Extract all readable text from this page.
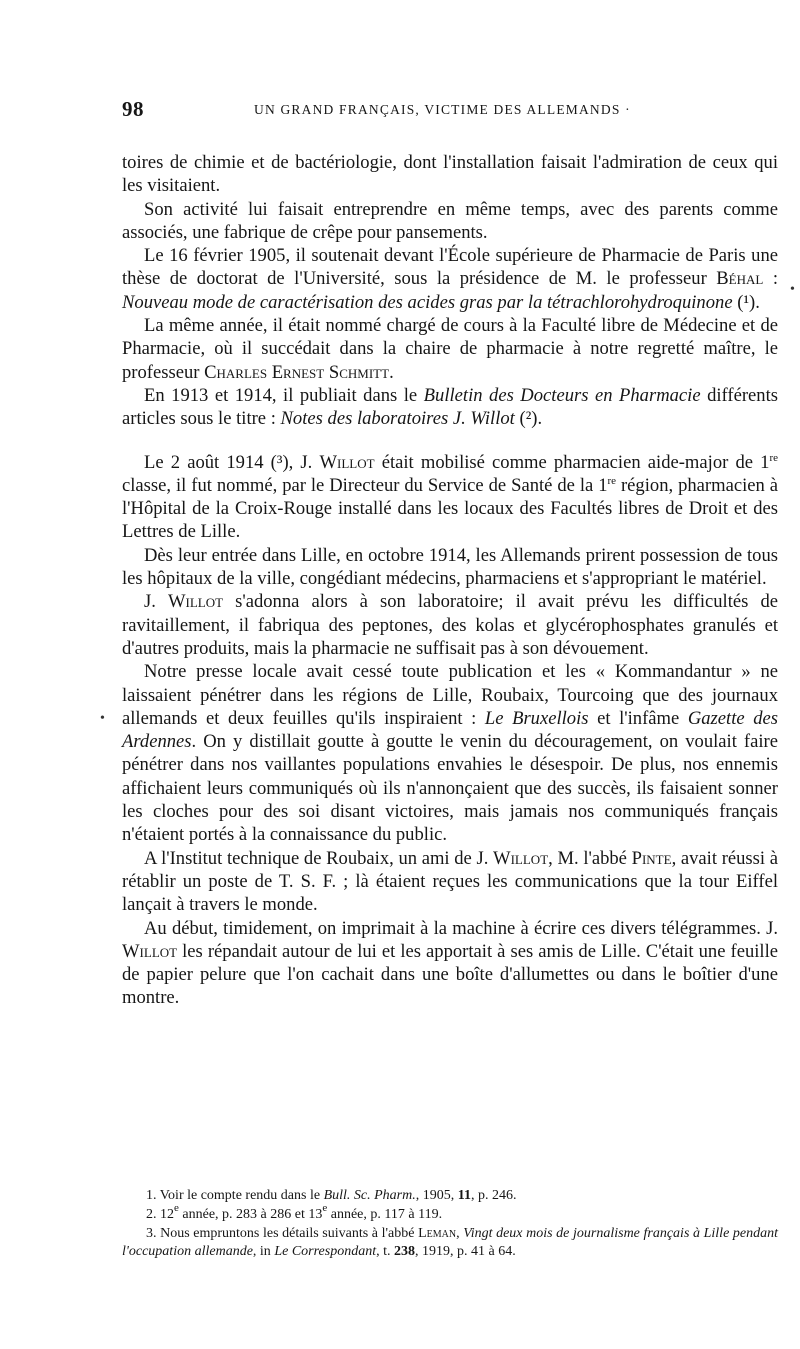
98	UN GRAND FRANÇAIS, VICTIME DES ALLEMANDS ·
•
•

toires de chimie et de bactériologie, dont l'installation faisait l'admiration de ceux qui les visitaient.

Son activité lui faisait entreprendre en même temps, avec des parents comme associés, une fabrique de crêpe pour pansements.

Le 16 février 1905, il soutenait devant l'École supérieure de Pharmacie de Paris une thèse de doctorat de l'Université, sous la présidence de M. le professeur Béhal : Nouveau mode de caractérisation des acides gras par la tétrachlorohydroquinone (¹).

La même année, il était nommé chargé de cours à la Faculté libre de Médecine et de Pharmacie, où il succédait dans la chaire de pharmacie à notre regretté maître, le professeur Charles Ernest Schmitt.

En 1913 et 1914, il publiait dans le Bulletin des Docteurs en Pharmacie différents articles sous le titre : Notes des laboratoires J. Willot (²).

Le 2 août 1914 (³), J. Willot était mobilisé comme pharmacien aide-major de 1re classe, il fut nommé, par le Directeur du Service de Santé de la 1re région, pharmacien à l'Hôpital de la Croix-Rouge installé dans les locaux des Facultés libres de Droit et des Lettres de Lille.

Dès leur entrée dans Lille, en octobre 1914, les Allemands prirent possession de tous les hôpitaux de la ville, congédiant médecins, pharmaciens et s'appropriant le matériel.

J. Willot s'adonna alors à son laboratoire; il avait prévu les difficultés de ravitaillement, il fabriqua des peptones, des kolas et glycérophosphates granulés et d'autres produits, mais la pharmacie ne suffisait pas à son dévouement.

Notre presse locale avait cessé toute publication et les « Kommandantur » ne laissaient pénétrer dans les régions de Lille, Roubaix, Tourcoing que des journaux allemands et deux feuilles qu'ils inspiraient : Le Bruxellois et l'infâme Gazette des Ardennes. On y distillait goutte à goutte le venin du découragement, on voulait faire pénétrer dans nos vaillantes populations envahies le désespoir. De plus, nos ennemis affichaient leurs communiqués où ils n'annonçaient que des succès, ils faisaient sonner les cloches pour des soi disant victoires, mais jamais nos communiqués français n'étaient portés à la connaissance du public.

A l'Institut technique de Roubaix, un ami de J. Willot, M. l'abbé Pinte, avait réussi à rétablir un poste de T. S. F. ; là étaient reçues les communications que la tour Eiffel lançait à travers le monde.

Au début, timidement, on imprimait à la machine à écrire ces divers télégrammes. J. Willot les répandait autour de lui et les apportait à ses amis de Lille. C'était une feuille de papier pelure que l'on cachait dans une boîte d'allumettes ou dans le boîtier d'une montre.

1. Voir le compte rendu dans le Bull. Sc. Pharm., 1905, 11, p. 246.

2. 12e année, p. 283 à 286 et 13e année, p. 117 à 119.

3. Nous empruntons les détails suivants à l'abbé Leman, Vingt deux mois de journalisme français à Lille pendant l'occupation allemande, in Le Correspondant, t. 238, 1919, p. 41 à 64.
